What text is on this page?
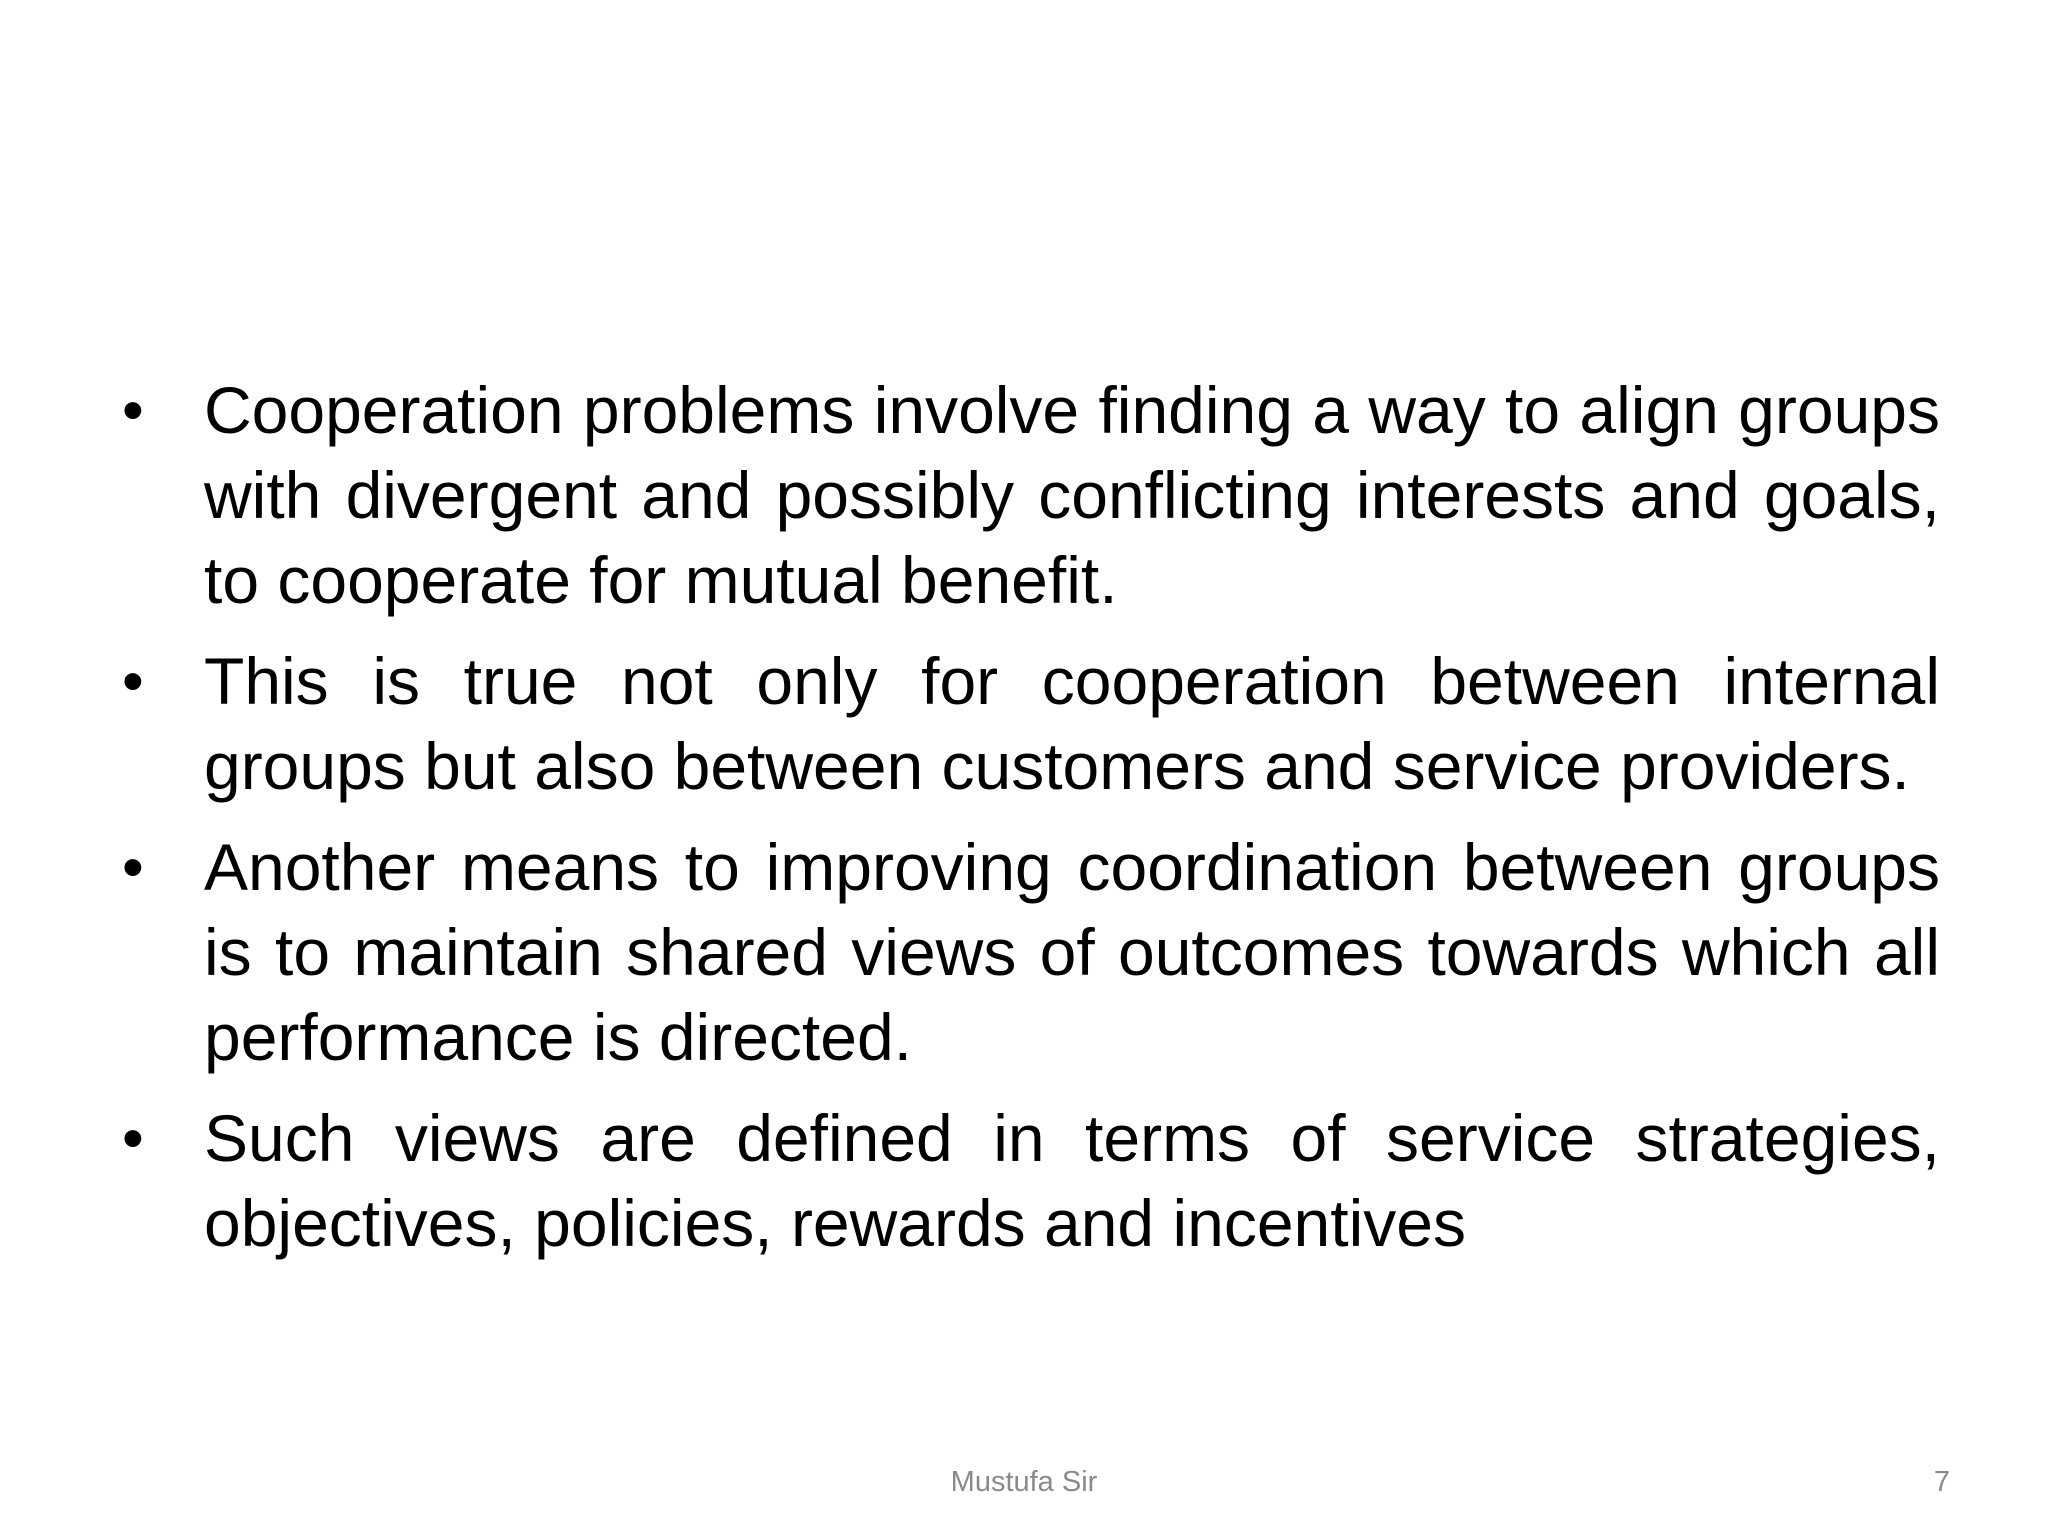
• Cooperation problems involve finding a way to align groups with divergent and possibly conflicting interests and goals, to cooperate for mutual benefit.
• This is true not only for cooperation between internal groups but also between customers and service providers.
• Another means to improving coordination between groups is to maintain shared views of outcomes towards which all performance is directed.
• Such views are defined in terms of service strategies, objectives, policies, rewards and incentives
Mustufa Sir	7
